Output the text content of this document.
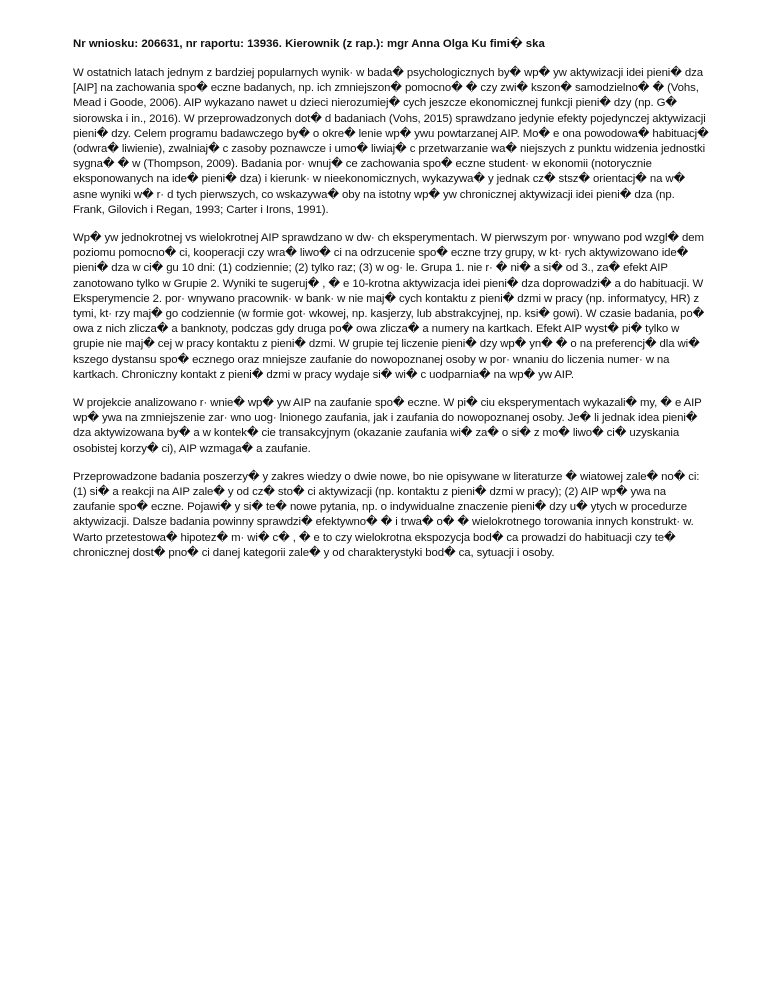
Nr wniosku: 206631, nr raportu: 13936. Kierownik (z rap.): mgr Anna Olga Ku ﬁmi� ska

W ostatnich latach jednym z bardziej popularnych wynik· w bada� psychologicznych by� wp� yw aktywizacji idei pieni� dza [AIP] na zachowania spo� eczne badanych, np. ich zmniejszon� pomocno� � czy zwi� kszon� samodzielno� � (Vohs, Mead i Goode, 2006). AIP wykazano nawet u dzieci nierozumiej� cych jeszcze ekonomicznej funkcji pieni� dzy (np. G� siorowska i in., 2016). W przeprowadzonych dot� d badaniach (Vohs, 2015) sprawdzano jedynie efekty pojedynczej aktywizacji pieni� dzy. Celem programu badawczego by� o okre� lenie wp� ywu powtarzanej AIP. Mo� e ona powodowa� habituacj� (odwra� liwienie), zwalniaj� c zasoby poznawcze i umo� liwiaj� c przetwarzanie wa� niejszych z punktu widzenia jednostki sygna� � w (Thompson, 2009). Badania por· wnuj� ce zachowania spo� eczne student· w ekonomii (notorycznie eksponowanych na ide� pieni� dza) i kierunk· w nieekonomicznych, wykazywa� y jednak cz� stsz� orientacj� na w� asne wyniki w� r· d tych pierwszych, co wskazywa� oby na istotny wp� yw chronicznej aktywizacji idei pieni� dza (np. Frank, Gilovich i Regan, 1993; Carter i Irons, 1991).

Wp� yw jednokrotnej vs wielokrotnej AIP sprawdzano w dw· ch eksperymentach. W pierwszym por· wnywano pod wzgl� dem poziomu pomocno� ci, kooperacji czy wra� liwo� ci na odrzucenie spo� eczne trzy grupy, w kt· rych aktywizowano ide� pieni� dza w ci� gu 10 dni: (1) codziennie; (2) tylko raz; (3) w og· le. Grupa 1. nie r· � ni� a si� od 3., za� efekt AIP zanotowano tylko w Grupie 2. Wyniki te sugeruj� , � e 10-krotna aktywizacja idei pieni� dza doprowadzi� a do habituacji. W Eksperymencie 2. por· wnywano pracownik· w bank· w nie maj� cych kontaktu z pieni� dzmi w pracy (np. informatycy, HR) z tymi, kt· rzy maj� go codziennie (w formie got· wkowej, np. kasjerzy, lub abstrakcyjnej, np. ksi� gowi). W czasie badania, po� owa z nich zlicza� a banknoty, podczas gdy druga po� owa zlicza� a numery na kartkach. Efekt AIP wyst� pi� tylko w grupie nie maj� cej w pracy kontaktu z pieni� dzmi. W grupie tej liczenie pieni� dzy wp� yn� � o na preferencj� dla wi� kszego dystansu spo� ecznego oraz mniejsze zaufanie do nowopoznanej osoby w por· wnaniu do liczenia numer· w na kartkach. Chroniczny kontakt z pieni� dzmi w pracy wydaje si� wi� c uodparnia� na wp� yw AIP.

W projekcie analizowano r· wnie� wp� yw AIP na zaufanie spo� eczne. W pi� ciu eksperymentach wykazali� my, � e AIP wp� ywa na zmniejszenie zar· wno uog· lnionego zaufania, jak i zaufania do nowopoznanej osoby. Je� li jednak idea pieni� dza aktywizowana by� a w kontek� cie transakcyjnym (okazanie zaufania wi� za� o si� z mo� liwo� ci� uzyskania osobistej korzy� ci), AIP wzmaga� a zaufanie.

Przeprowadzone badania poszerzy� y zakres wiedzy o dwie nowe, bo nie opisywane w literaturze � wiatowej zale� no� ci: (1) si� a reakcji na AIP zale� y od cz� sto� ci aktywizacji (np. kontaktu z pieni� dzmi w pracy); (2) AIP wp� ywa na zaufanie spo� eczne. Pojawi� y si� te� nowe pytania, np. o indywidualne znaczenie pieni� dzy u� ytych w procedurze aktywizacji. Dalsze badania powinny sprawdzi� efektywno� � i trwa� o� � wielokrotnego torowania innych konstrukt· w. Warto przetestowa� hipotez� m· wi� c� , � e to czy wielokrotna ekspozycja bod� ca prowadzi do habituacji czy te� chronicznej dost� pno� ci danej kategorii zale� y od charakterystyki bod� ca, sytuacji i osoby.
